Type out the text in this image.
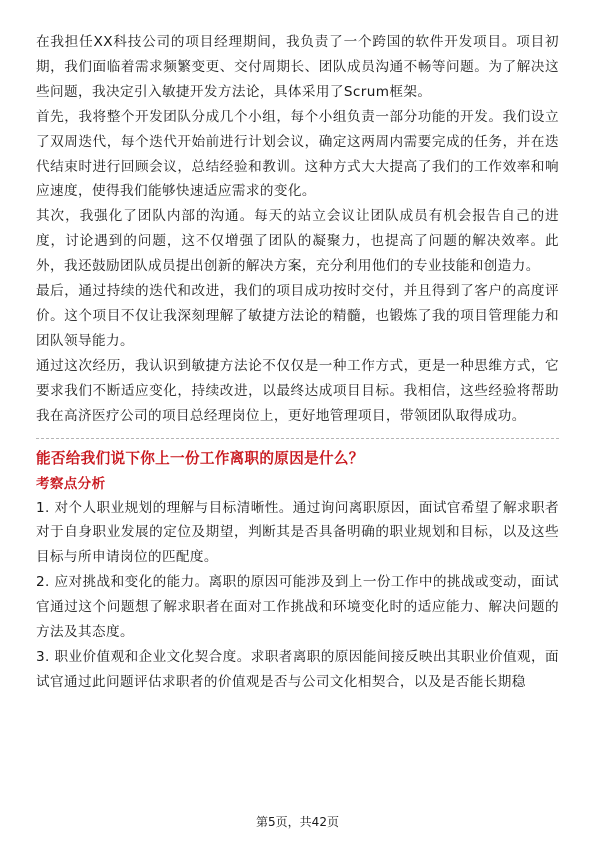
在我担任XX科技公司的项目经理期间，我负责了一个跨国的软件开发项目。项目初期，我们面临着需求频繁变更、交付周期长、团队成员沟通不畅等问题。为了解决这些问题，我决定引入敏捷开发方法论，具体采用了Scrum框架。

首先，我将整个开发团队分成几个小组，每个小组负责一部分功能的开发。我们设立了双周迭代，每个迭代开始前进行计划会议，确定这两周内需要完成的任务，并在迭代结束时进行回顾会议，总结经验和教训。这种方式大大提高了我们的工作效率和响应速度，使得我们能够快速适应需求的变化。

其次，我强化了团队内部的沟通。每天的站立会议让团队成员有机会报告自己的进度，讨论遇到的问题，这不仅增强了团队的凝聚力，也提高了问题的解决效率。此外，我还鼓励团队成员提出创新的解决方案，充分利用他们的专业技能和创造力。

最后，通过持续的迭代和改进，我们的项目成功按时交付，并且得到了客户的高度评价。这个项目不仅让我深刻理解了敏捷方法论的精髓，也锻炼了我的项目管理能力和团队领导能力。

通过这次经历，我认识到敏捷方法论不仅仅是一种工作方式，更是一种思维方式，它要求我们不断适应变化，持续改进，以最终达成项目目标。我相信，这些经验将帮助我在高济医疗公司的项目总经理岗位上，更好地管理项目，带领团队取得成功。

能否给我们说下你上一份工作离职的原因是什么？

考察点分析

1. 对个人职业规划的理解与目标清晰性。通过询问离职原因，面试官希望了解求职者对于自身职业发展的定位及期望，判断其是否具备明确的职业规划和目标，以及这些目标与所申请岗位的匹配度。

2. 应对挑战和变化的能力。离职的原因可能涉及到上一份工作中的挑战或变动，面试官通过这个问题想了解求职者在面对工作挑战和环境变化时的适应能力、解决问题的方法及其态度。

3. 职业价值观和企业文化契合度。求职者离职的原因能间接反映出其职业价值观，面试官通过此问题评估求职者的价值观是否与公司文化相契合，以及是否能长期稳

第5页，共42页
